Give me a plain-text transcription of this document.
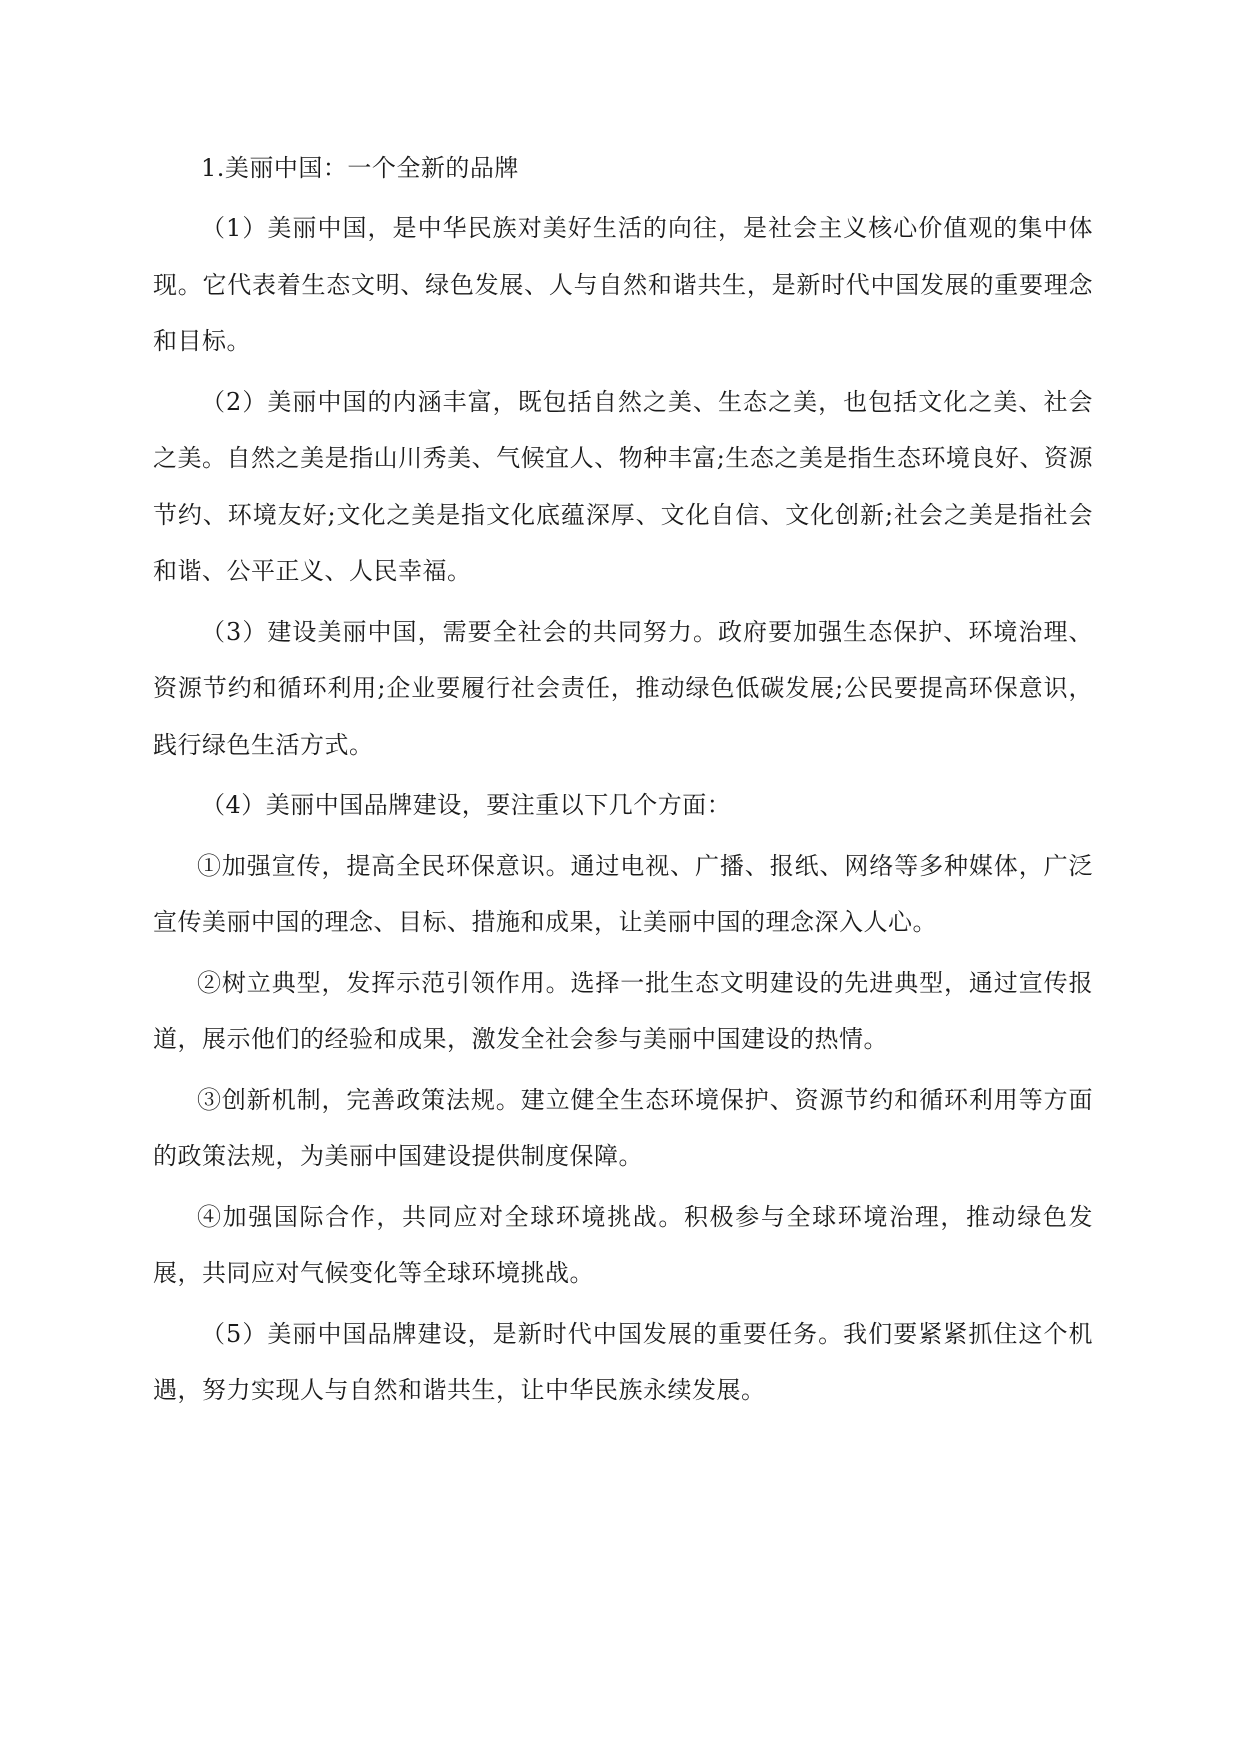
1.美丽中国：一个全新的品牌

（1）美丽中国，是中华民族对美好生活的向往，是社会主义核心价值观的集中体现。它代表着生态文明、绿色发展、人与自然和谐共生，是新时代中国发展的重要理念和目标。

（2）美丽中国的内涵丰富，既包括自然之美、生态之美，也包括文化之美、社会之美。自然之美是指山川秀美、气候宜人、物种丰富;生态之美是指生态环境良好、资源节约、环境友好;文化之美是指文化底蕴深厚、文化自信、文化创新;社会之美是指社会和谐、公平正义、人民幸福。

（3）建设美丽中国，需要全社会的共同努力。政府要加强生态保护、环境治理、资源节约和循环利用;企业要履行社会责任，推动绿色低碳发展;公民要提高环保意识，践行绿色生活方式。

（4）美丽中国品牌建设，要注重以下几个方面：

①加强宣传，提高全民环保意识。通过电视、广播、报纸、网络等多种媒体，广泛宣传美丽中国的理念、目标、措施和成果，让美丽中国的理念深入人心。

②树立典型，发挥示范引领作用。选择一批生态文明建设的先进典型，通过宣传报道，展示他们的经验和成果，激发全社会参与美丽中国建设的热情。

③创新机制，完善政策法规。建立健全生态环境保护、资源节约和循环利用等方面的政策法规，为美丽中国建设提供制度保障。

④加强国际合作，共同应对全球环境挑战。积极参与全球环境治理，推动绿色发展，共同应对气候变化等全球环境挑战。

（5）美丽中国品牌建设，是新时代中国发展的重要任务。我们要紧紧抓住这个机遇，努力实现人与自然和谐共生，让中华民族永续发展。
